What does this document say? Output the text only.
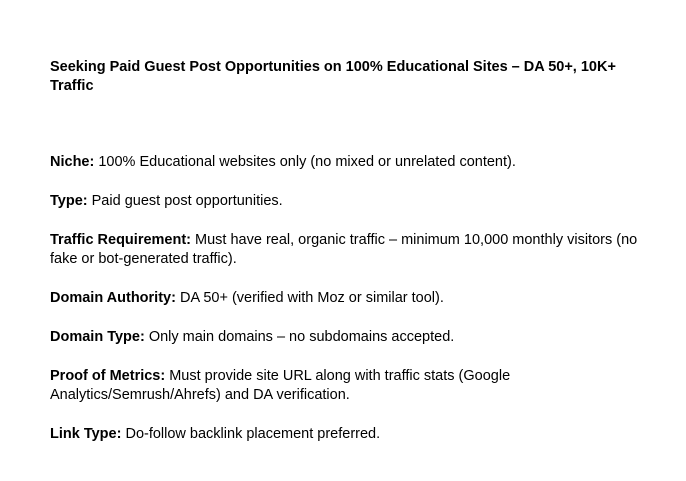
Seeking Paid Guest Post Opportunities on 100% Educational Sites – DA 50+, 10K+ Traffic
Niche: 100% Educational websites only (no mixed or unrelated content).
Type: Paid guest post opportunities.
Traffic Requirement: Must have real, organic traffic – minimum 10,000 monthly visitors (no fake or bot-generated traffic).
Domain Authority: DA 50+ (verified with Moz or similar tool).
Domain Type: Only main domains – no subdomains accepted.
Proof of Metrics: Must provide site URL along with traffic stats (Google Analytics/Semrush/Ahrefs) and DA verification.
Link Type: Do-follow backlink placement preferred.
